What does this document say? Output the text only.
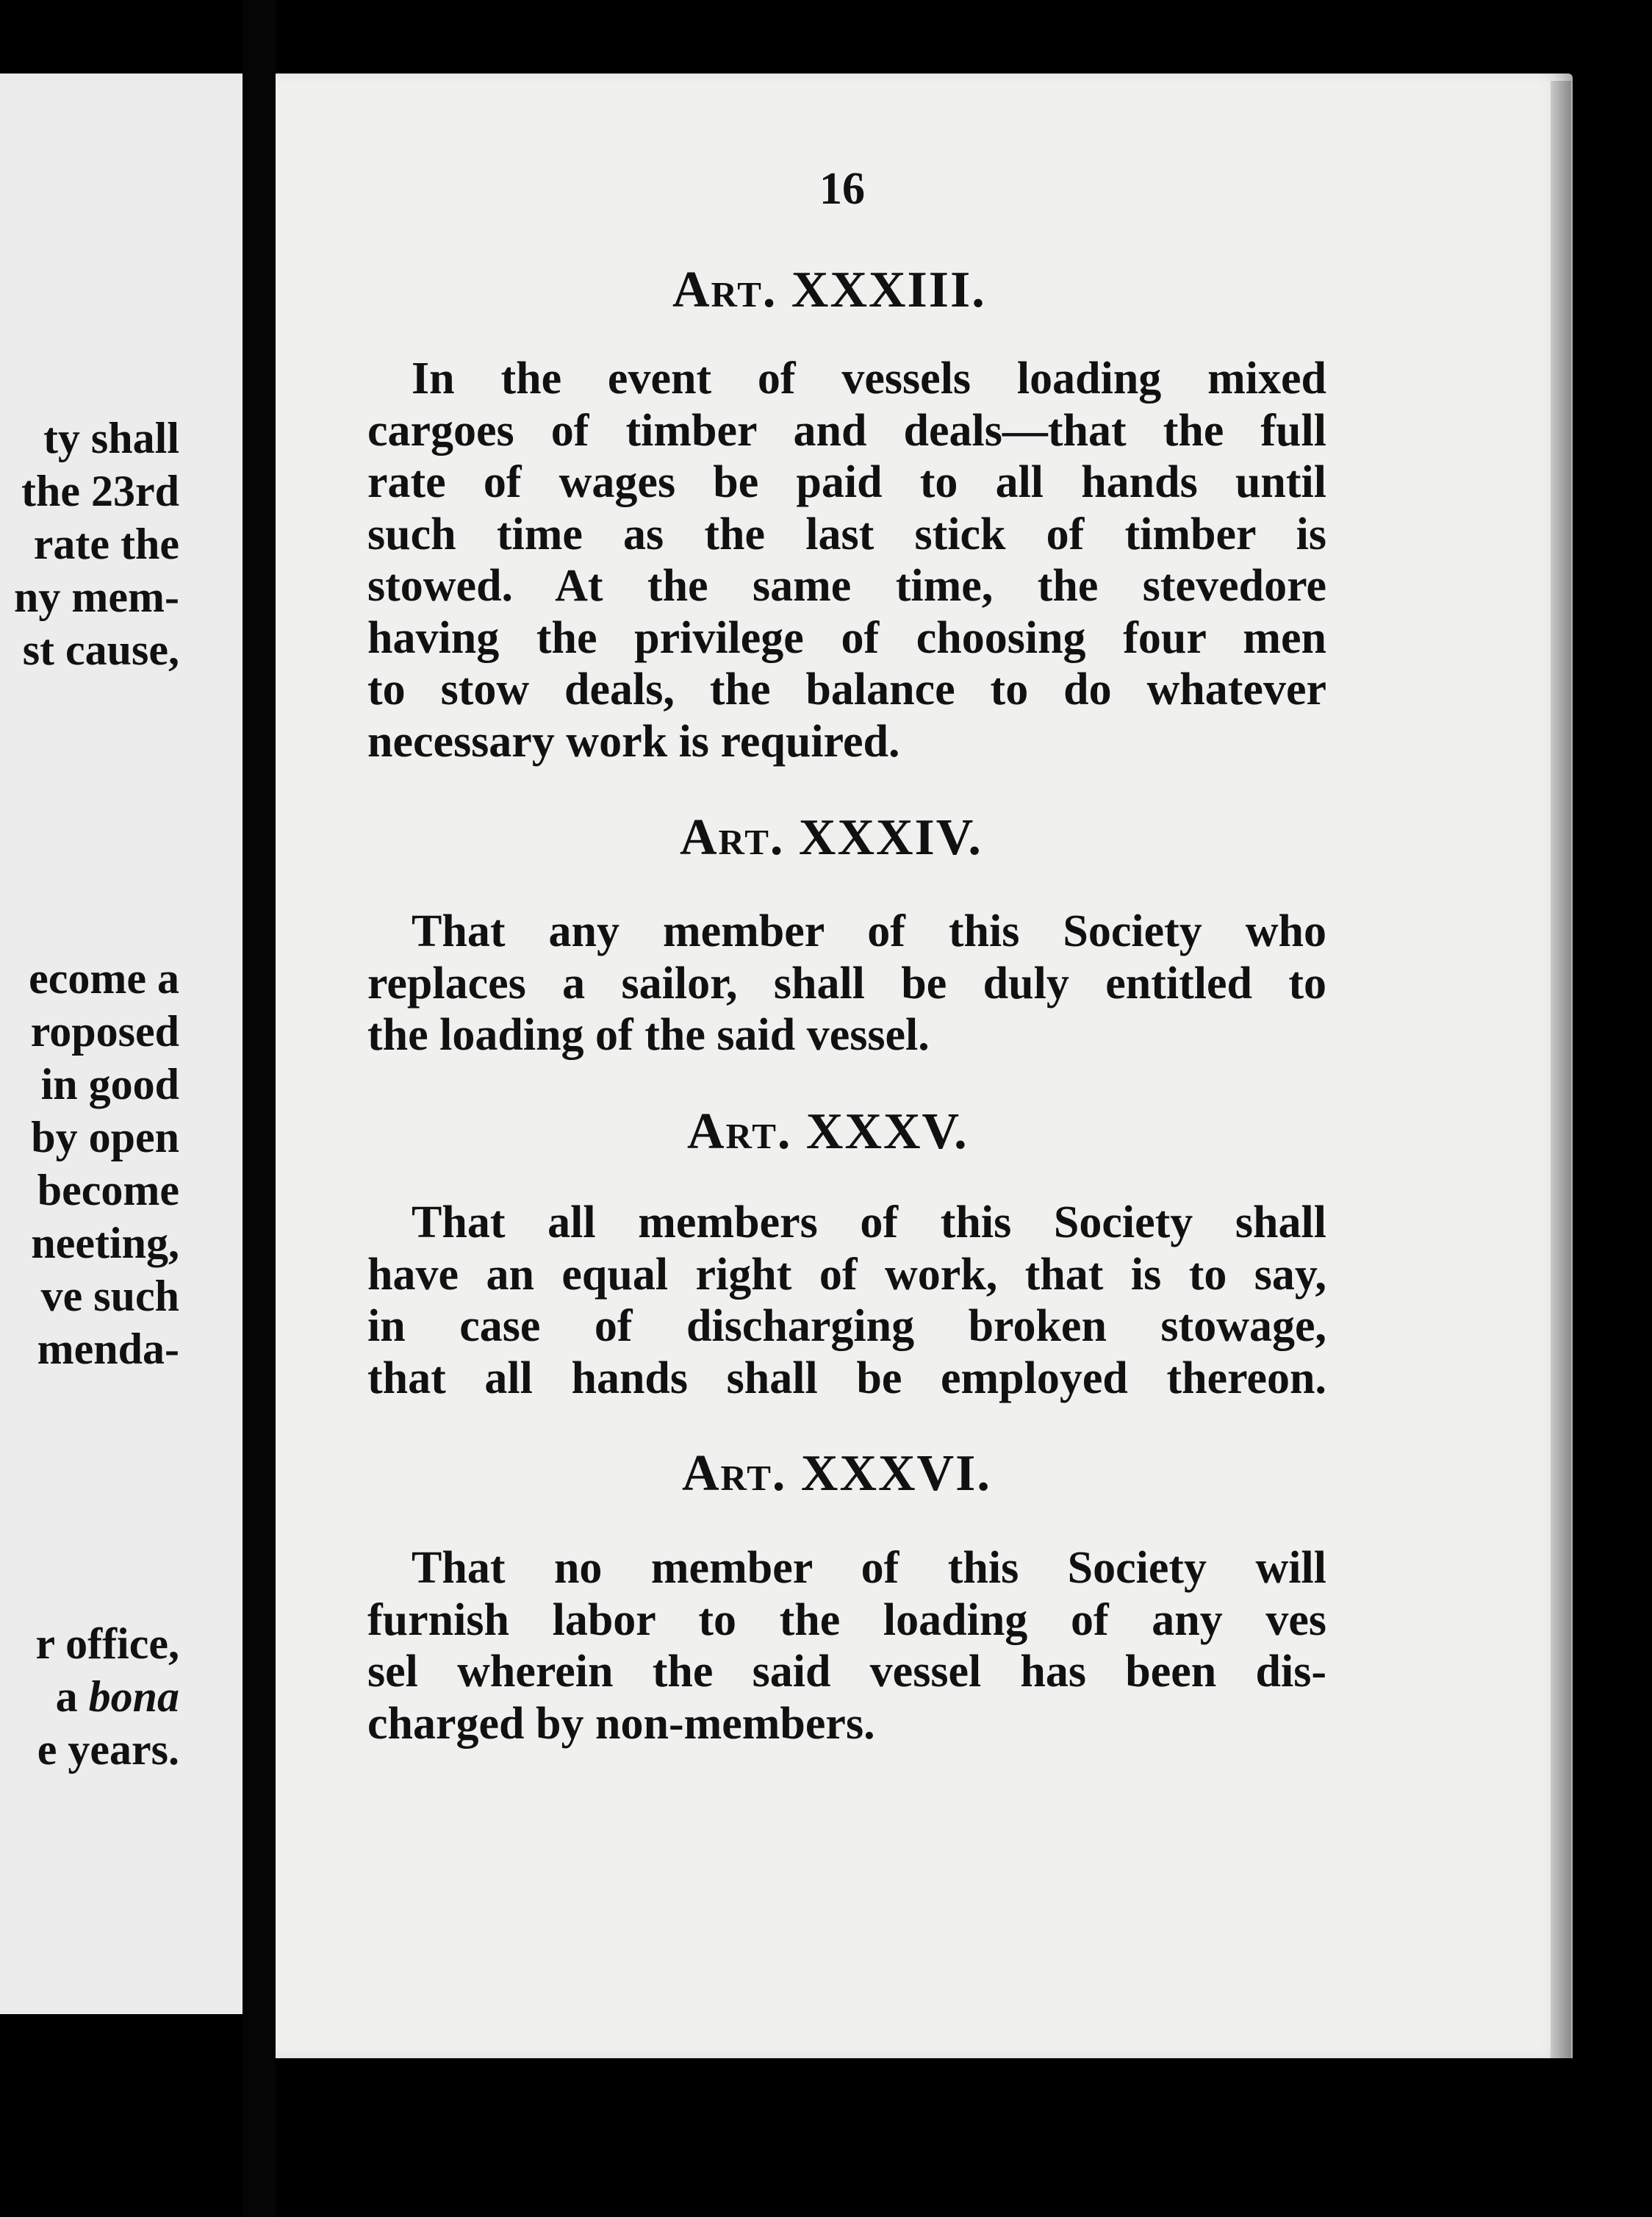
ty shall
the 23rd
rate the
ny mem-
st cause,
ecome a
roposed
in good
by open
become
neeting,
ve such
menda-
r office,
a bona
e years.
16
Art. XXXIII.
In the event of vessels loading mixed
cargoes of timber and deals—that the full
rate of wages be paid to all hands until
such time as the last stick of timber is
stowed. At the same time, the stevedore
having the privilege of choosing four men
to stow deals, the balance to do whatever
necessary work is required.
Art. XXXIV.
That any member of this Society who
replaces a sailor, shall be duly entitled to
the loading of the said vessel.
Art. XXXV.
That all members of this Society shall
have an equal right of work, that is to say,
in case of discharging broken stowage,
that all hands shall be employed thereon.
Art. XXXVI.
That no member of this Society will
furnish labor to the loading of any ves
sel wherein the said vessel has been dis-
charged by non-members.
